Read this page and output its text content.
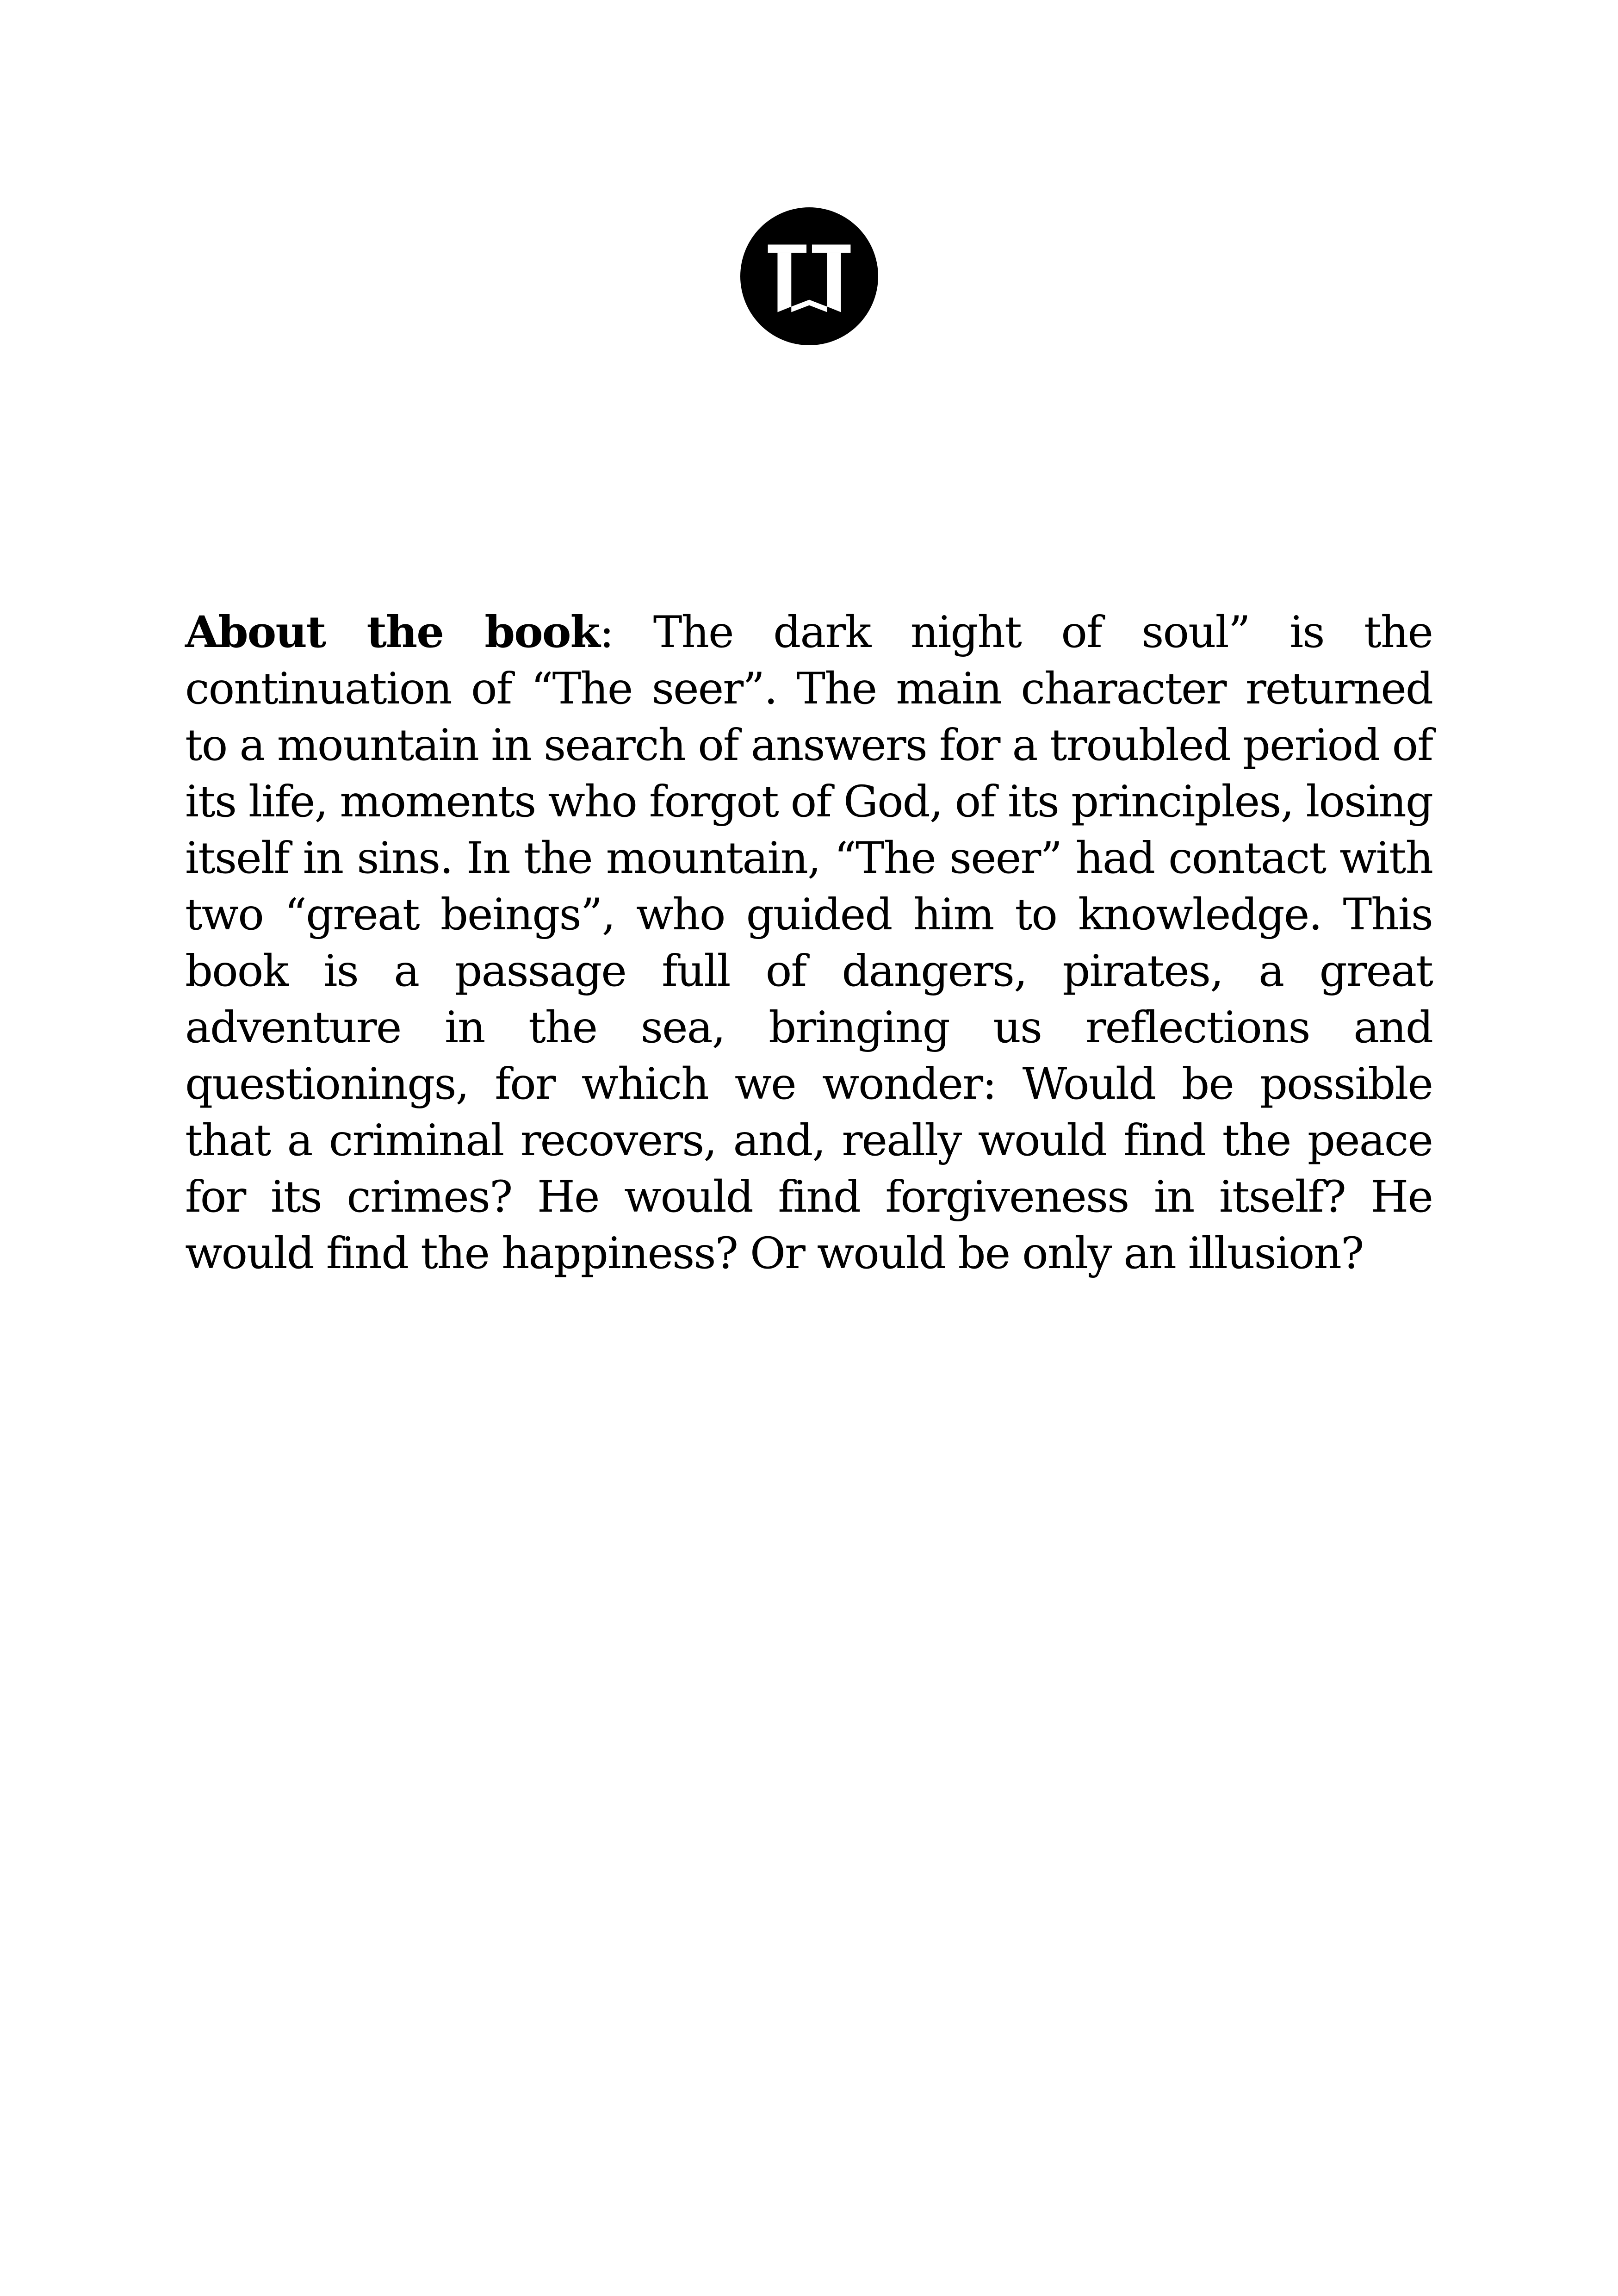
About the book: The dark night of soul” is the continuation of “The seer”. The main character returned to a mountain in search of answers for a troubled period of its life, moments who forgot of God, of its principles, losing itself in sins. In the mountain, “The seer” had contact with two “great beings”, who guided him to knowledge. This book is a passage full of dangers, pirates, a great adventure in the sea, bringing us reflections and questionings, for which we wonder: Would be possible that a criminal recovers, and, really would find the peace for its crimes? He would find forgiveness in itself? He would find the happiness? Or would be only an illusion?
